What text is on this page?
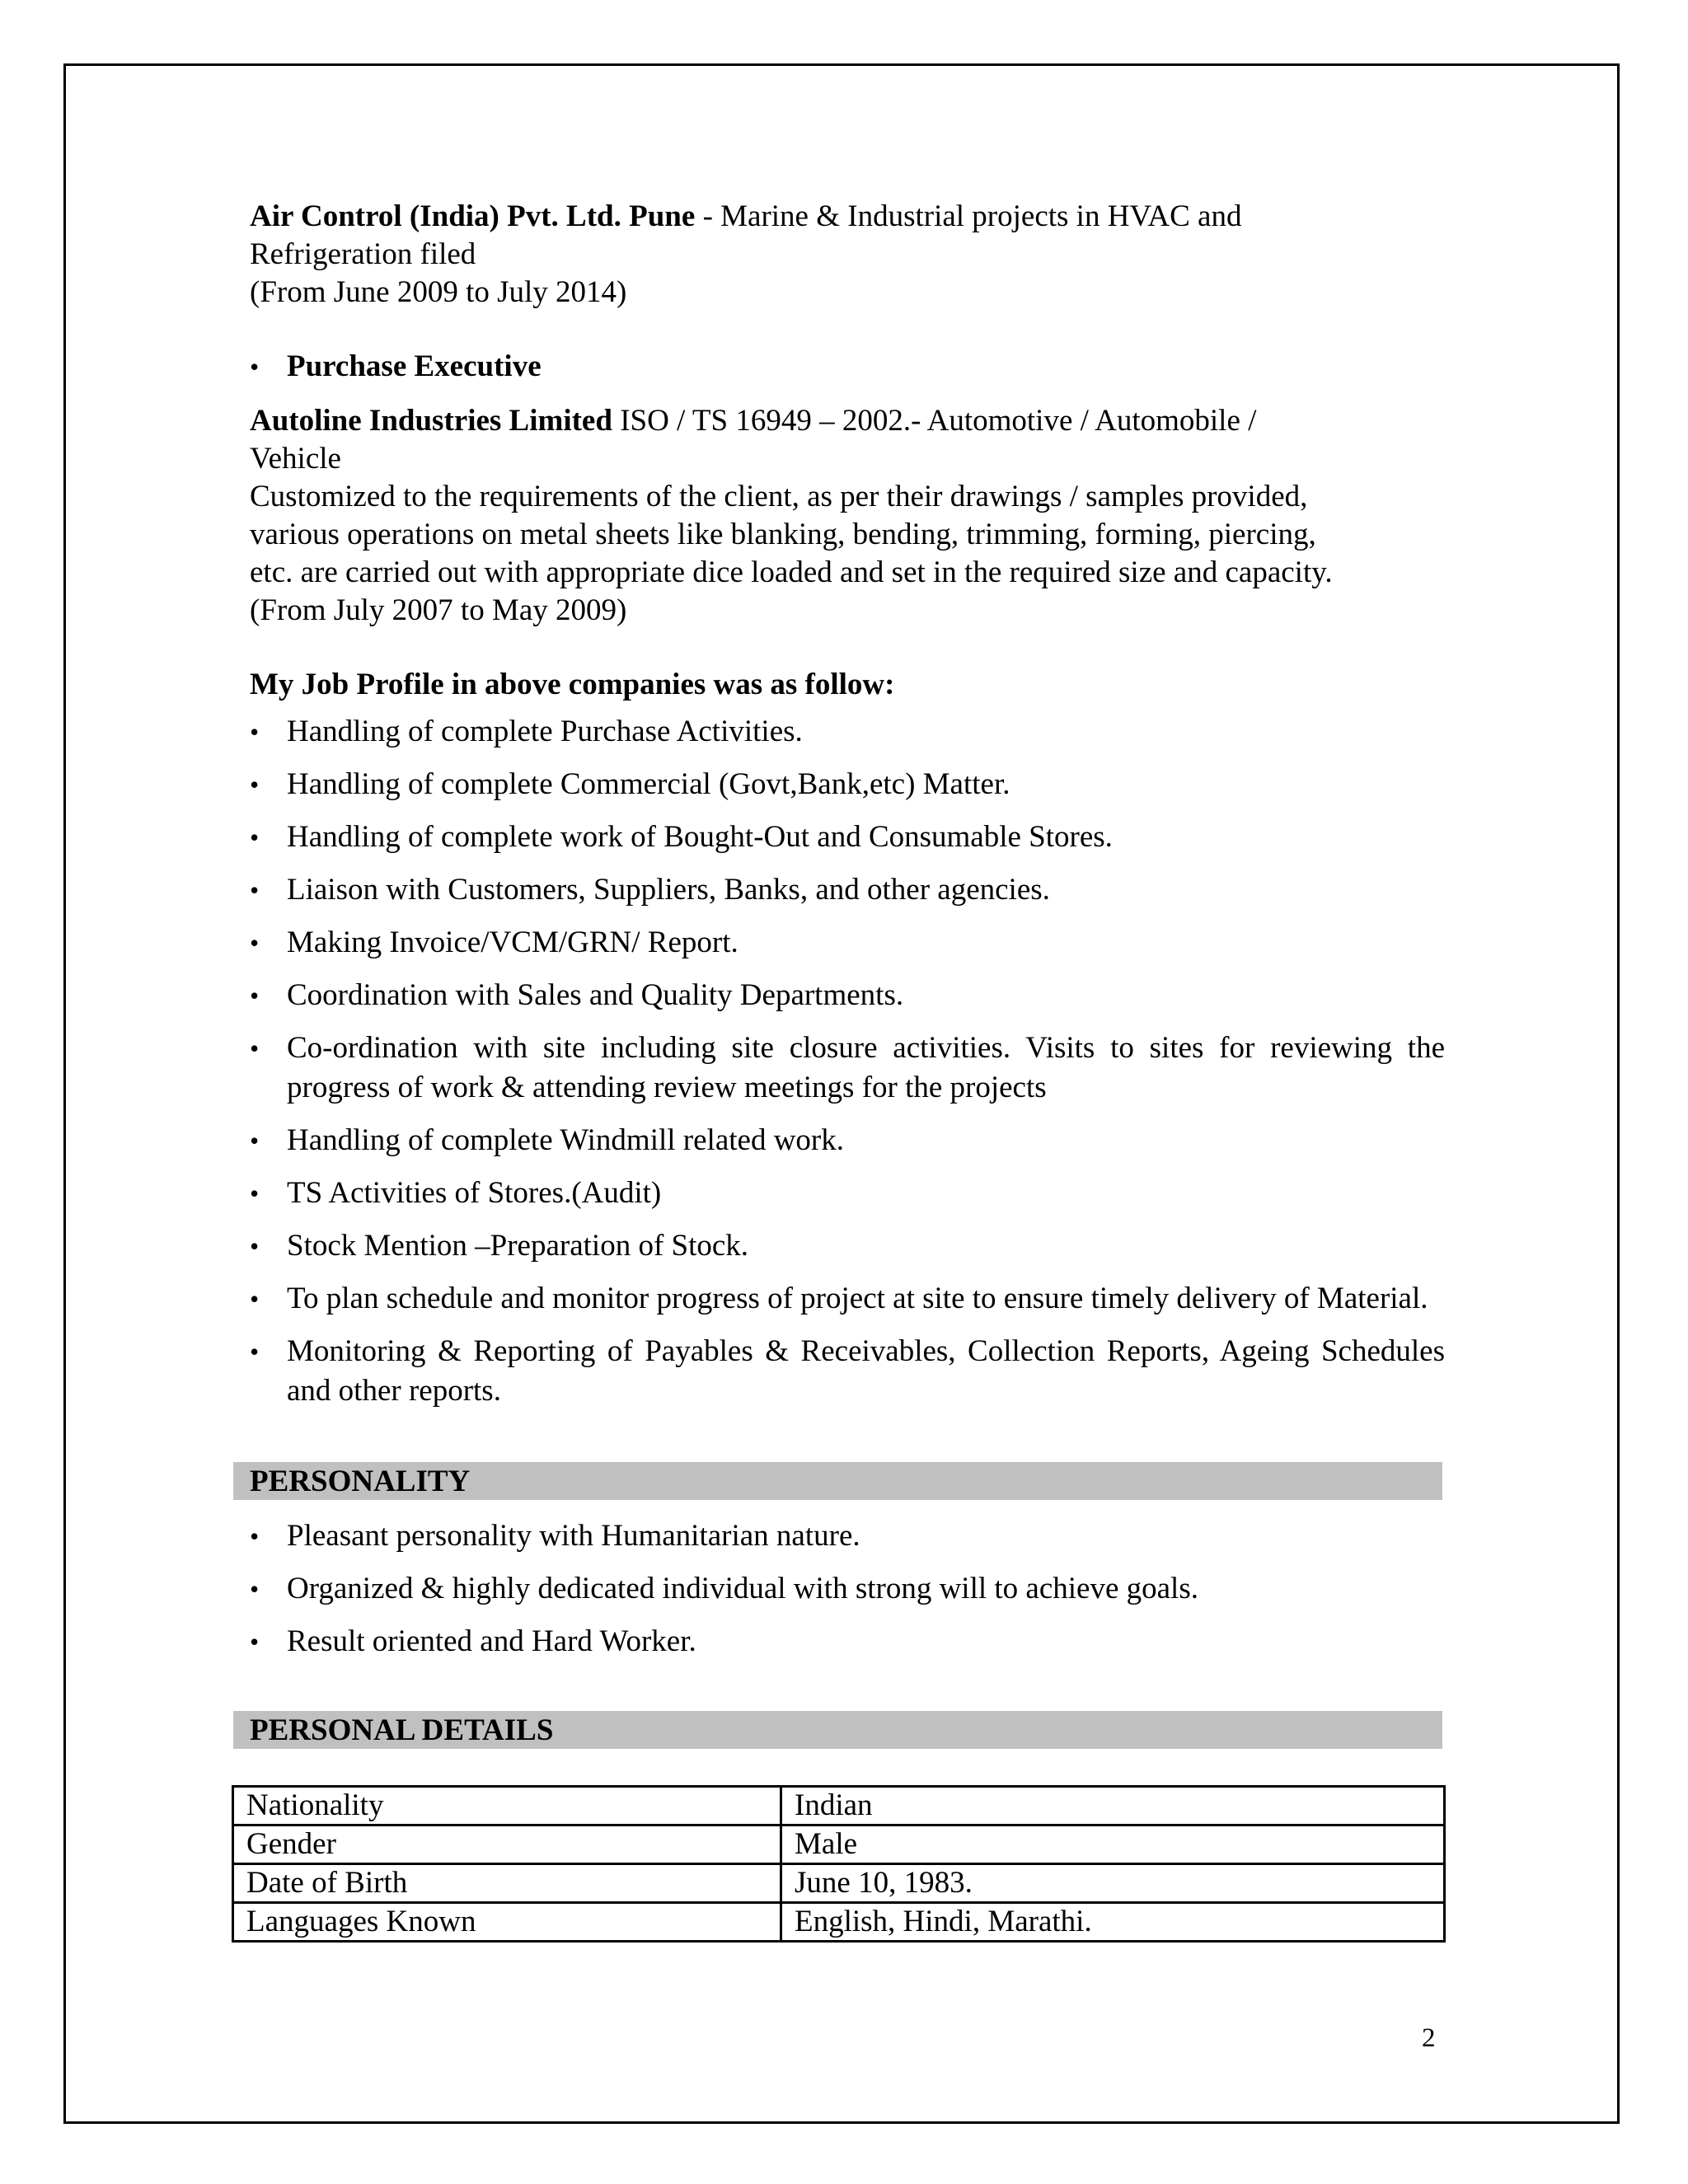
Air Control (India) Pvt. Ltd. Pune - Marine & Industrial projects in HVAC and
Refrigeration filed
(From June 2009 to July 2014)

• Purchase Executive

Autoline Industries Limited ISO / TS 16949 – 2002.- Automotive / Automobile /
Vehicle
Customized to the requirements of the client, as per their drawings / samples provided,
various operations on metal sheets like blanking, bending, trimming, forming, piercing,
etc. are carried out with appropriate dice loaded and set in the required size and capacity.
(From July 2007 to May 2009)

My Job Profile in above companies was as follow:

• Handling of complete Purchase Activities.
• Handling of complete Commercial (Govt,Bank,etc) Matter.
• Handling of complete work of Bought-Out and Consumable Stores.
• Liaison with Customers, Suppliers, Banks, and other agencies.
• Making Invoice/VCM/GRN/ Report.
• Coordination with Sales and Quality Departments.
• Co-ordination with site including site closure activities. Visits to sites for reviewing the progress of work & attending review meetings for the projects
• Handling of complete Windmill related work.
• TS Activities of Stores.(Audit)
• Stock Mention –Preparation of Stock.
• To plan schedule and monitor progress of project at site to ensure timely delivery of Material.
• Monitoring & Reporting of Payables & Receivables, Collection Reports, Ageing Schedules and other reports.
PERSONALITY
• Pleasant personality with Humanitarian nature.
• Organized & highly dedicated individual with strong will to achieve goals.
• Result oriented and Hard Worker.
PERSONAL DETAILS
Nationality	Indian
Gender	Male
Date of Birth	June 10, 1983.
Languages Known	English, Hindi, Marathi.
2
